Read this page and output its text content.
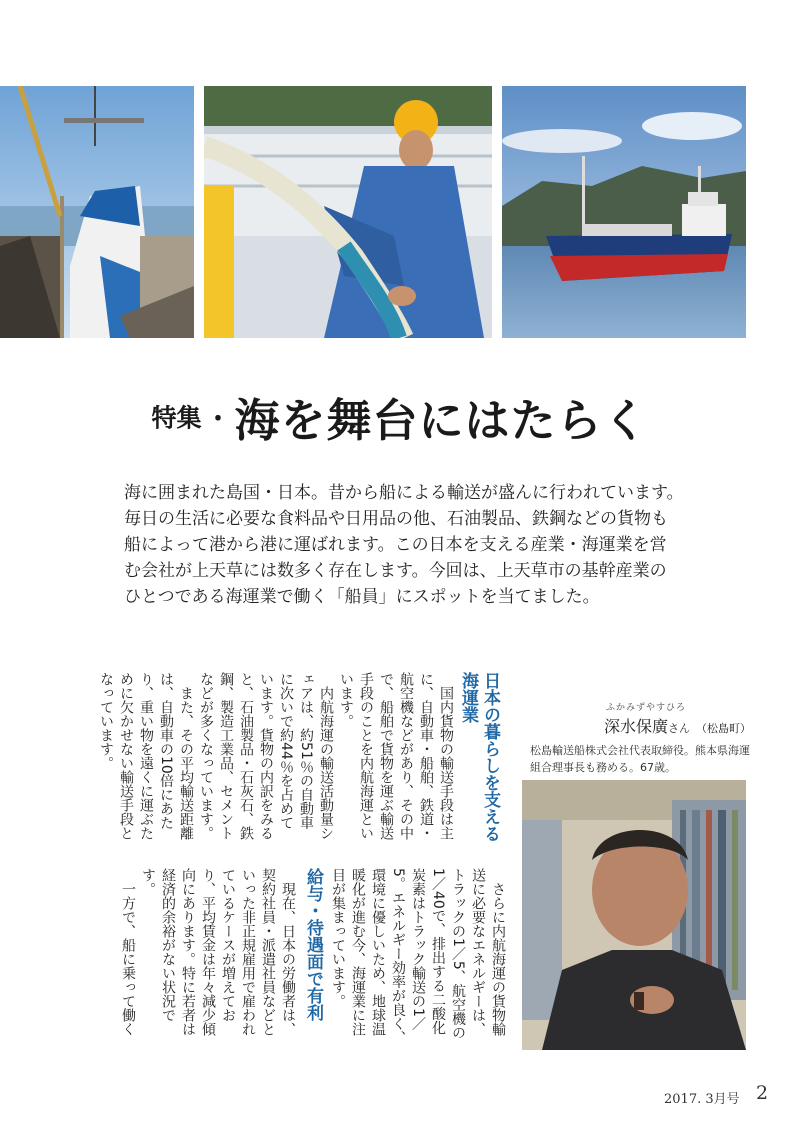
特集 ・海を舞台にはたらく
海に囲まれた島国・日本。昔から船による輸送が盛んに行われています。
毎日の生活に必要な食料品や日用品の他、石油製品、鉄鋼などの貨物も
船によって港から港に運ばれます。この日本を支える産業・海運業を営
む会社が上天草には数多く存在します。今回は、上天草市の基幹産業の
ひとつである海運業で働く「船員」にスポットを当てました。
日本の暮らしを支える
海運業

　国内貨物の輸送手段は主に、自動車・船舶、鉄道・航空機などがあり、その中で、船舶で貨物を運ぶ輸送手段のことを内航海運といいます。

　内航海運の輸送活動量シェアは、約51％の自動車に次いで約44％を占めています。貨物の内訳をみると、石油製品・石灰石、鉄鋼、製造工業品、セメントなどが多くなっています。

　また、その平均輸送距離は、自動車の10倍にあたり、重い物を遠くに運ぶために欠かせない輸送手段となっています。

　さらに内航海運の貨物輸送に必要なエネルギーは、トラックの1／5、航空機の1／40で、排出する二酸化炭素はトラック輸送の1／5。エネルギー効率が良く、環境に優しいため、地球温暖化が進む今、海運業に注目が集まっています。

給与・待遇面で有利

　現在、日本の労働者は、契約社員・派遣社員などといった非正規雇用で雇われているケースが増えており、平均賃金は年々減少傾向にあります。特に若者は経済的余裕がない状況です。

　一方で、船に乗って働く

ふかみずやすひろ
深水保廣さん （松島町）
松島輸送船株式会社代表取締役。熊本県海運組合理事長も務める。67歳。
2017. 3月号 2
